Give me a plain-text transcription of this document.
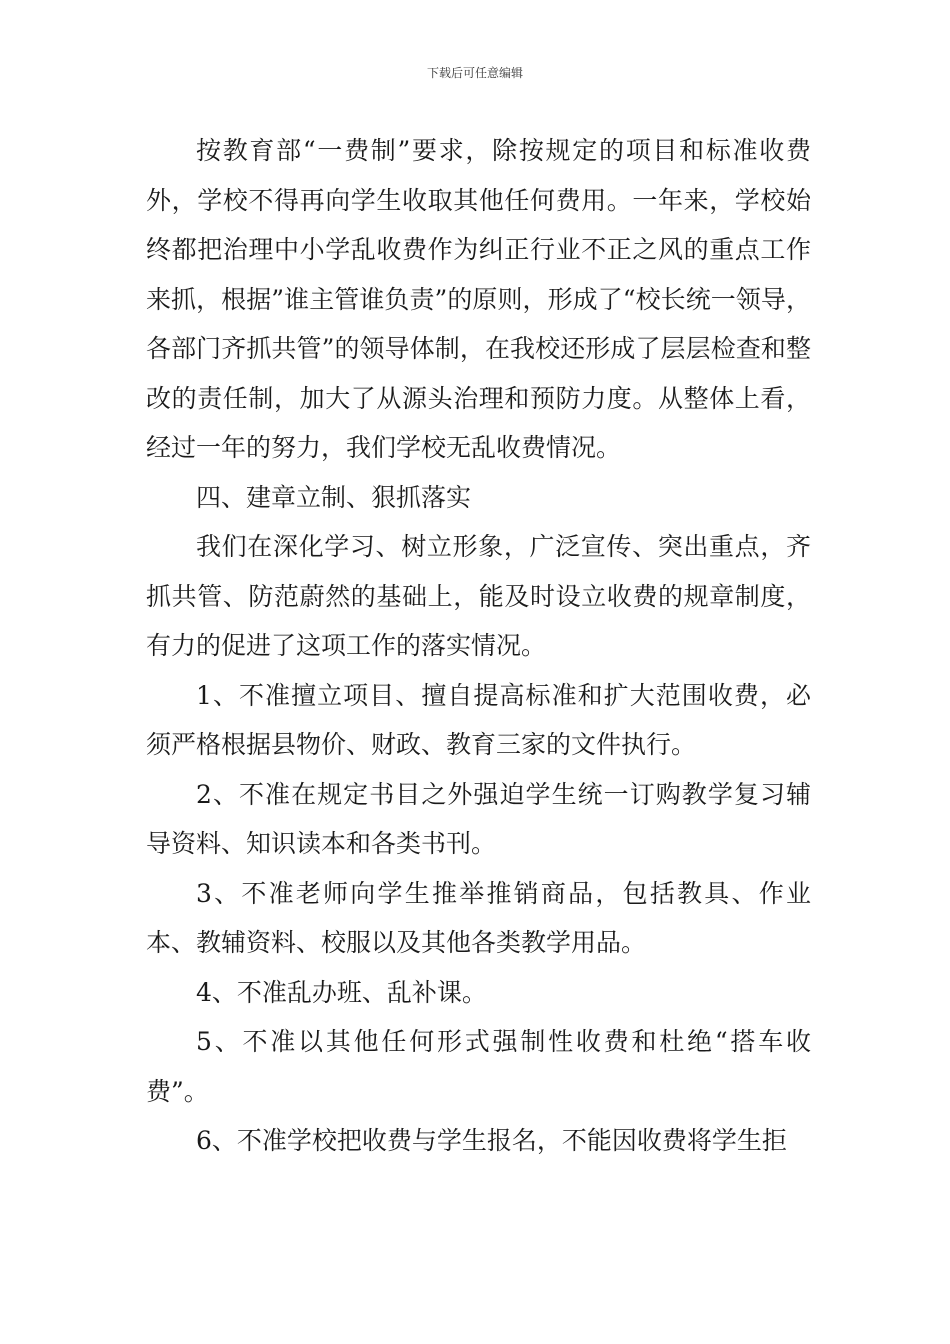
下载后可任意编辑

按教育部“一费制”要求，除按规定的项目和标准收费外，学校不得再向学生收取其他任何费用。一年来，学校始终都把治理中小学乱收费作为纠正行业不正之风的重点工作来抓，根据”谁主管谁负责”的原则，形成了“校长统一领导，各部门齐抓共管”的领导体制，在我校还形成了层层检查和整改的责任制，加大了从源头治理和预防力度。从整体上看，经过一年的努力，我们学校无乱收费情况。

四、建章立制、狠抓落实

我们在深化学习、树立形象，广泛宣传、突出重点，齐抓共管、防范蔚然的基础上，能及时设立收费的规章制度，有力的促进了这项工作的落实情况。

1、不准擅立项目、擅自提高标准和扩大范围收费，必须严格根据县物价、财政、教育三家的文件执行。

2、不准在规定书目之外强迫学生统一订购教学复习辅导资料、知识读本和各类书刊。

3、不准老师向学生推举推销商品，包括教具、作业本、教辅资料、校服以及其他各类教学用品。

4、不准乱办班、乱补课。

5、不准以其他任何形式强制性收费和杜绝“搭车收费”。

6、不准学校把收费与学生报名，不能因收费将学生拒
